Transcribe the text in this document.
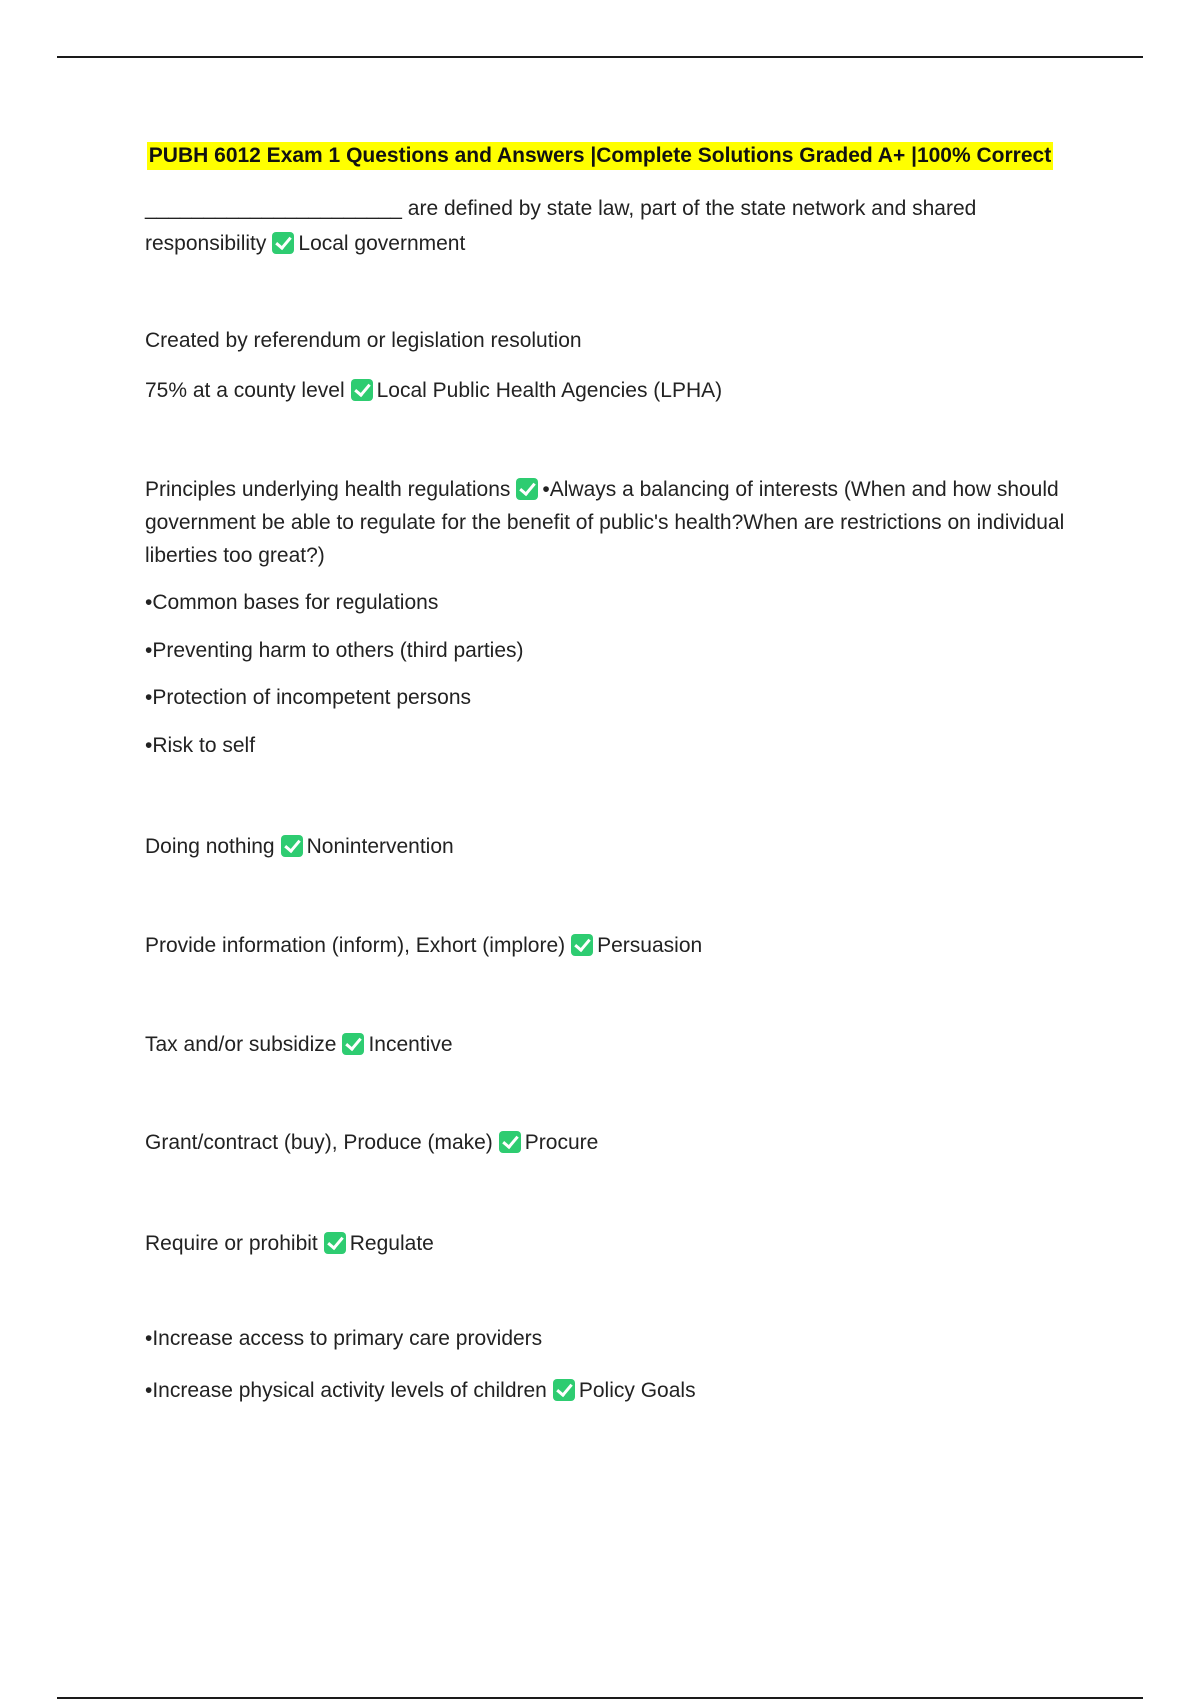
PUBH 6012 Exam 1 Questions and Answers |Complete Solutions Graded A+ |100% Correct
______________________ are defined by state law, part of the state network and shared
responsibility Local government
Created by referendum or legislation resolution
75% at a county level Local Public Health Agencies (LPHA)
Principles underlying health regulations •Always a balancing of interests (When and how should government be able to regulate for the benefit of public's health?When are restrictions on individual liberties too great?)
•Common bases for regulations
•Preventing harm to others (third parties)
•Protection of incompetent persons
•Risk to self
Doing nothing Nonintervention
Provide information (inform), Exhort (implore) Persuasion
Tax and/or subsidize Incentive
Grant/contract (buy), Produce (make) Procure
Require or prohibit Regulate
•Increase access to primary care providers
•Increase physical activity levels of children Policy Goals
